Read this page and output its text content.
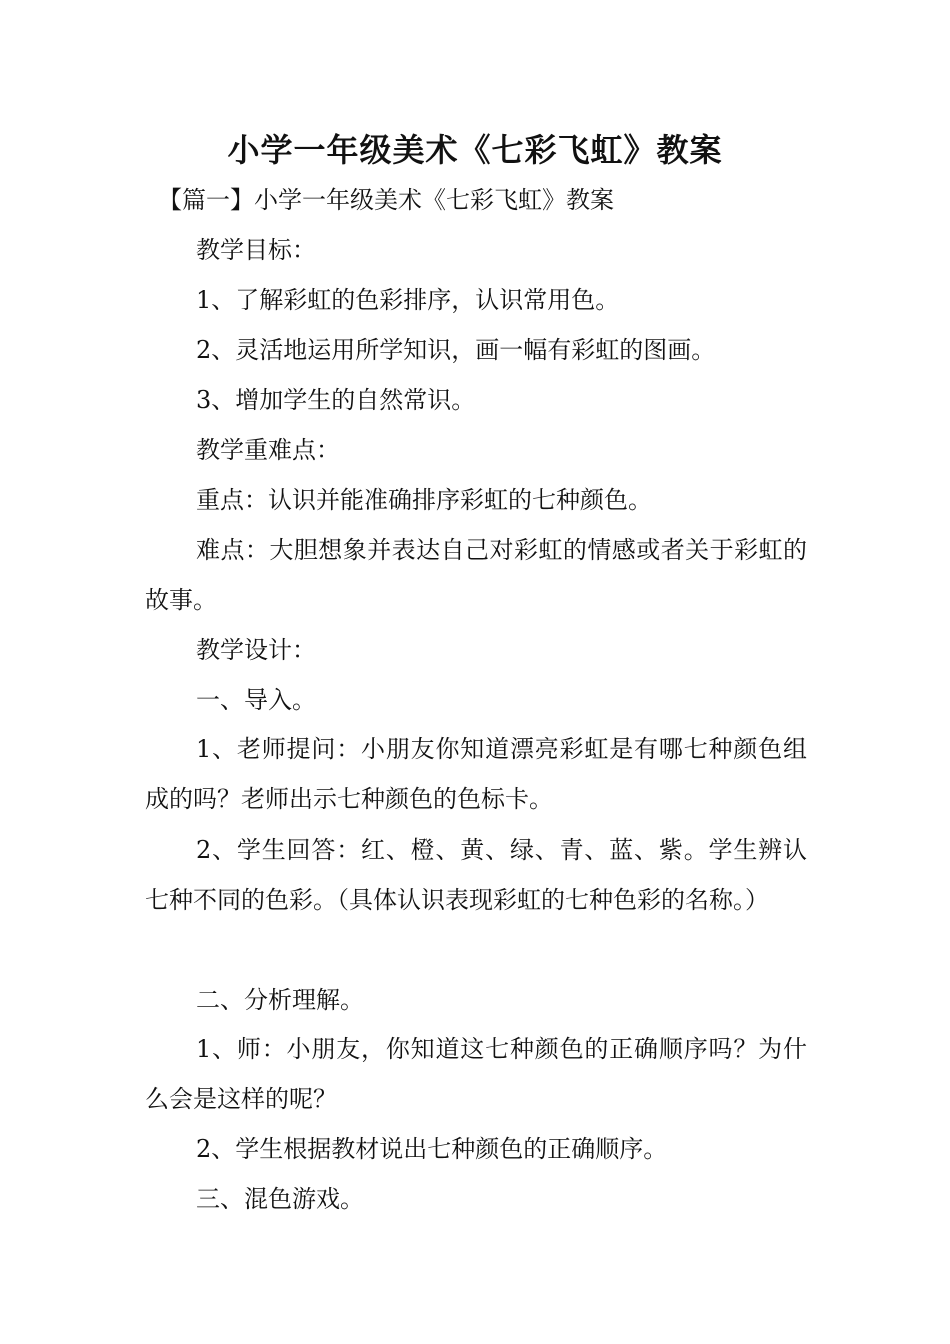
小学一年级美术《七彩飞虹》教案
【篇一】小学一年级美术《七彩飞虹》教案

教学目标：

1、了解彩虹的色彩排序，认识常用色。

2、灵活地运用所学知识，画一幅有彩虹的图画。

3、增加学生的自然常识。

教学重难点：

重点：认识并能准确排序彩虹的七种颜色。

难点：大胆想象并表达自己对彩虹的情感或者关于彩虹的故事。

教学设计：

一、导入。

1、老师提问：小朋友你知道漂亮彩虹是有哪七种颜色组成的吗？老师出示七种颜色的色标卡。

2、学生回答：红、橙、黄、绿、青、蓝、紫。学生辨认七种不同的色彩。（具体认识表现彩虹的七种色彩的名称。）

二、分析理解。

1、师：小朋友，你知道这七种颜色的正确顺序吗？为什么会是这样的呢？

2、学生根据教材说出七种颜色的正确顺序。

三、混色游戏。
